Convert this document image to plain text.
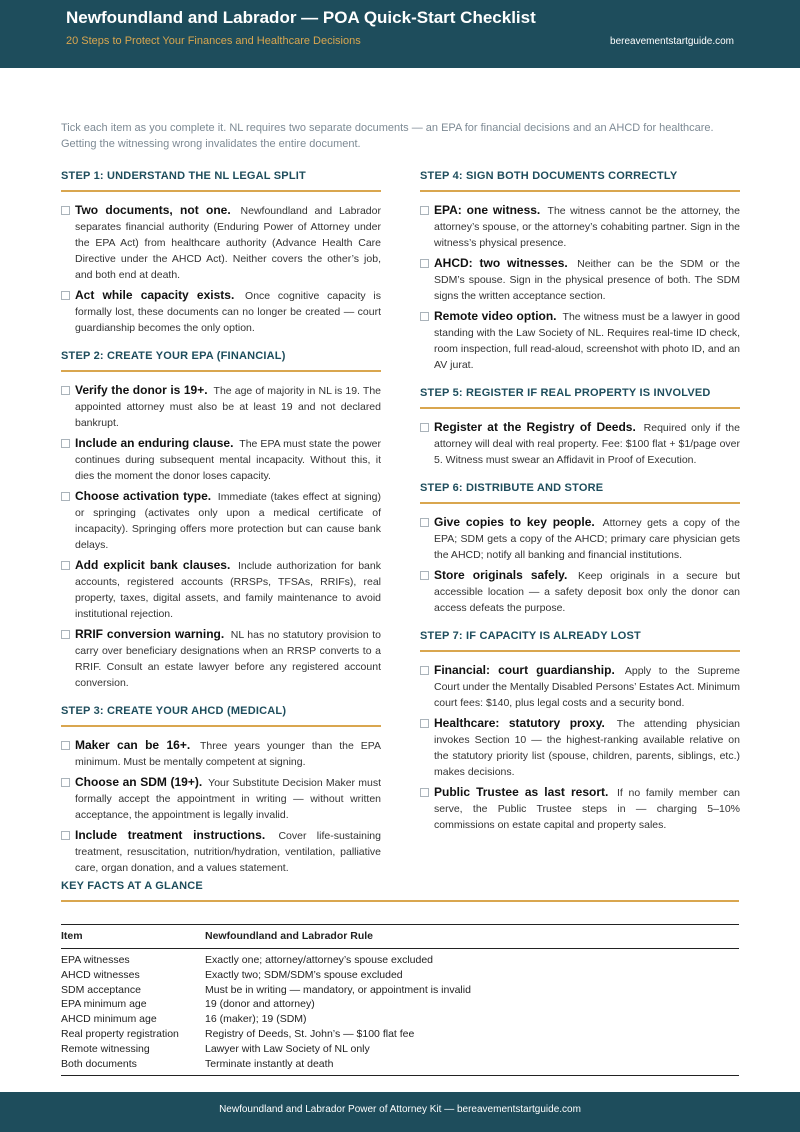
Newfoundland and Labrador — POA Quick-Start Checklist
20 Steps to Protect Your Finances and Healthcare Decisions	bereavementstartguide.com
Tick each item as you complete it. NL requires two separate documents — an EPA for financial decisions and an AHCD for healthcare. Getting the witnessing wrong invalidates the entire document.
STEP 1: UNDERSTAND THE NL LEGAL SPLIT
Two documents, not one. Newfoundland and Labrador separates financial authority (Enduring Power of Attorney under the EPA Act) from healthcare authority (Advance Health Care Directive under the AHCD Act). Neither covers the other’s job, and both end at death.
Act while capacity exists. Once cognitive capacity is formally lost, these documents can no longer be created — court guardianship becomes the only option.
STEP 2: CREATE YOUR EPA (FINANCIAL)
Verify the donor is 19+. The age of majority in NL is 19. The appointed attorney must also be at least 19 and not declared bankrupt.
Include an enduring clause. The EPA must state the power continues during subsequent mental incapacity. Without this, it dies the moment the donor loses capacity.
Choose activation type. Immediate (takes effect at signing) or springing (activates only upon a medical certificate of incapacity). Springing offers more protection but can cause bank delays.
Add explicit bank clauses. Include authorization for bank accounts, registered accounts (RRSPs, TFSAs, RRIFs), real property, taxes, digital assets, and family maintenance to avoid institutional rejection.
RRIF conversion warning. NL has no statutory provision to carry over beneficiary designations when an RRSP converts to a RRIF. Consult an estate lawyer before any registered account conversion.
STEP 3: CREATE YOUR AHCD (MEDICAL)
Maker can be 16+. Three years younger than the EPA minimum. Must be mentally competent at signing.
Choose an SDM (19+). Your Substitute Decision Maker must formally accept the appointment in writing — without written acceptance, the appointment is legally invalid.
Include treatment instructions. Cover life-sustaining treatment, resuscitation, nutrition/hydration, ventilation, palliative care, organ donation, and a values statement.
STEP 4: SIGN BOTH DOCUMENTS CORRECTLY
EPA: one witness. The witness cannot be the attorney, the attorney’s spouse, or the attorney’s cohabiting partner. Sign in the witness’s physical presence.
AHCD: two witnesses. Neither can be the SDM or the SDM’s spouse. Sign in the physical presence of both. The SDM signs the written acceptance section.
Remote video option. The witness must be a lawyer in good standing with the Law Society of NL. Requires real-time ID check, room inspection, full read-aloud, screenshot with photo ID, and an AV jurat.
STEP 5: REGISTER IF REAL PROPERTY IS INVOLVED
Register at the Registry of Deeds. Required only if the attorney will deal with real property. Fee: $100 flat + $1/page over 5. Witness must swear an Affidavit in Proof of Execution.
STEP 6: DISTRIBUTE AND STORE
Give copies to key people. Attorney gets a copy of the EPA; SDM gets a copy of the AHCD; primary care physician gets the AHCD; notify all banking and financial institutions.
Store originals safely. Keep originals in a secure but accessible location — a safety deposit box only the donor can access defeats the purpose.
STEP 7: IF CAPACITY IS ALREADY LOST
Financial: court guardianship. Apply to the Supreme Court under the Mentally Disabled Persons’ Estates Act. Minimum court fees: $140, plus legal costs and a security bond.
Healthcare: statutory proxy. The attending physician invokes Section 10 — the highest-ranking available relative on the statutory priority list (spouse, children, parents, siblings, etc.) makes decisions.
Public Trustee as last resort. If no family member can serve, the Public Trustee steps in — charging 5–10% commissions on estate capital and property sales.
KEY FACTS AT A GLANCE
Item	Newfoundland and Labrador Rule
EPA witnesses	Exactly one; attorney/attorney’s spouse excluded
AHCD witnesses	Exactly two; SDM/SDM’s spouse excluded
SDM acceptance	Must be in writing — mandatory, or appointment is invalid
EPA minimum age	19 (donor and attorney)
AHCD minimum age	16 (maker); 19 (SDM)
Real property registration	Registry of Deeds, St. John’s — $100 flat fee
Remote witnessing	Lawyer with Law Society of NL only
Both documents	Terminate instantly at death
Newfoundland and Labrador Power of Attorney Kit — bereavementstartguide.com
